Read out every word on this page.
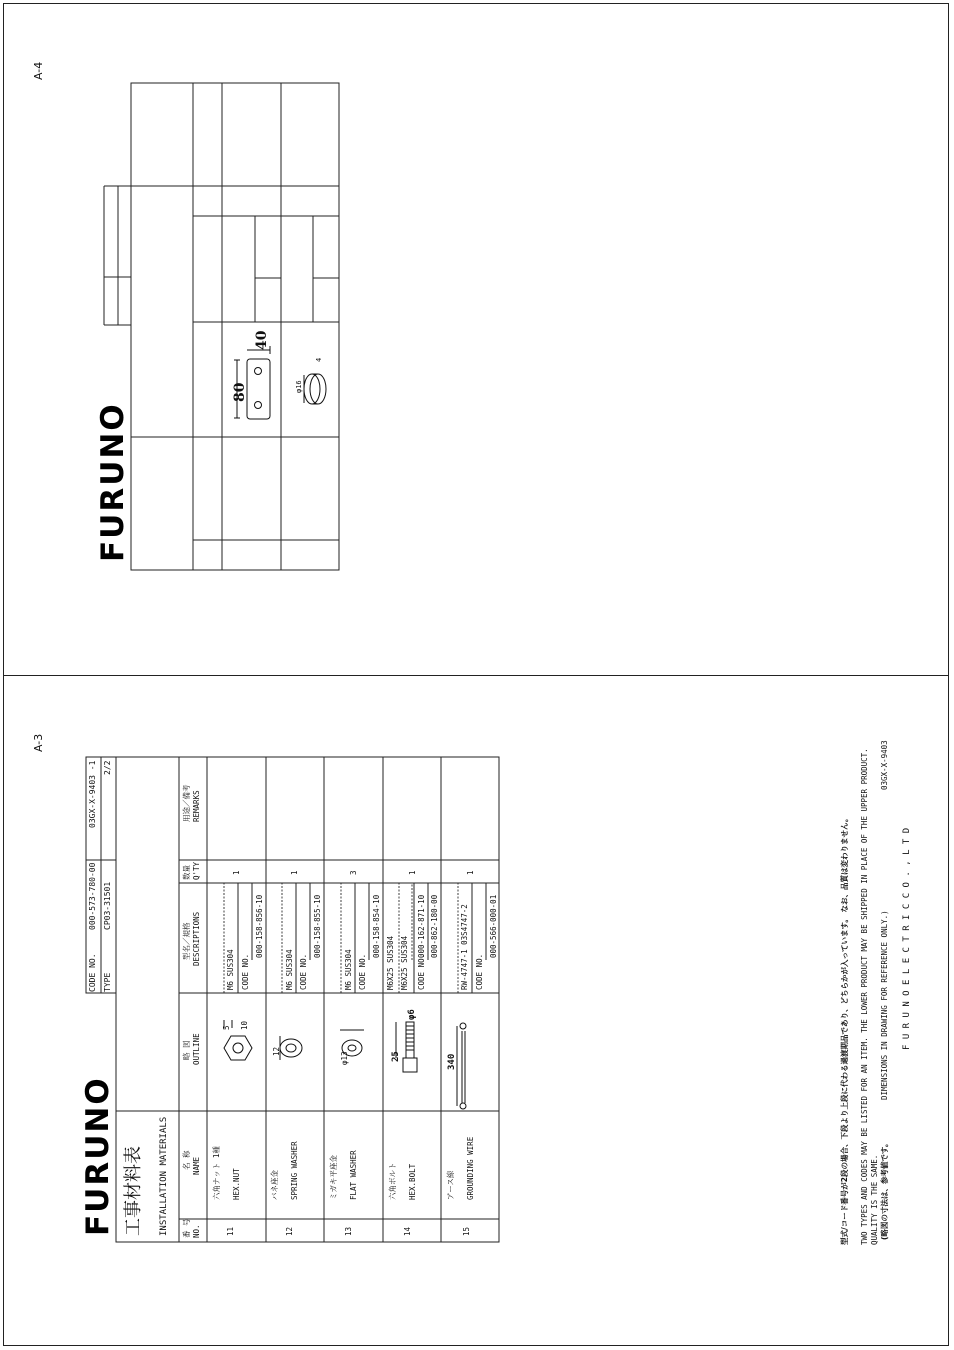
A-4
A-3
FURUNO
80
40
φ16
4
FURUNO
CODE NO.
000-573-780-00
TYPE
CP03-31501
03GX-X-9403 -1 2/2
工事材料表 INSTALLATION MATERIALS 番 号 NO.
名 称 NAME
略 図 OUTLINE
型名／規格 DESCRIPTIONS
数量 Q'TY
用途／備考 REMARKS
11
六角ナット 1種 HEX.NUT
5 10
M6 SUS304 CODE NO.
000-158-856-10
1
12
バネ座金 SPRING WASHER
12
M6 SUS304 CODE NO.
000-158-855-10
1
13
ミガキ平座金 FLAT WASHER
φ13
M6 SUS304 CODE NO.
000-158-854-10
3
14
六角ボルト HEX.BOLT
25
φ6
M6X25 SUS304 M6X25 SUS304 CODE NO.
000-162-871-10 000-862-180-00
1
15
アース線 GROUNDING WIRE
340
RW-4747-1 03S4747-2 CODE NO.
000-566-000-01
1	型式/コード番号が2段の場合、下段より上段に代わる過渡期品であり、どちらかが入っています。 なお、品質は変わりません。 TWO TYPES AND CODES MAY BE LISTED FOR AN ITEM. THE LOWER PRODUCT MAY BE SHIPPED IN PLACE OF THE UPPER PRODUCT. QUALITY IS THE SAME. (略図の寸法は、参考値です。
DIMENSIONS IN DRAWING FOR REFERENCE ONLY.)
03GX-X-9403
F U R U N O E L E C T R I C C O . , L T D
